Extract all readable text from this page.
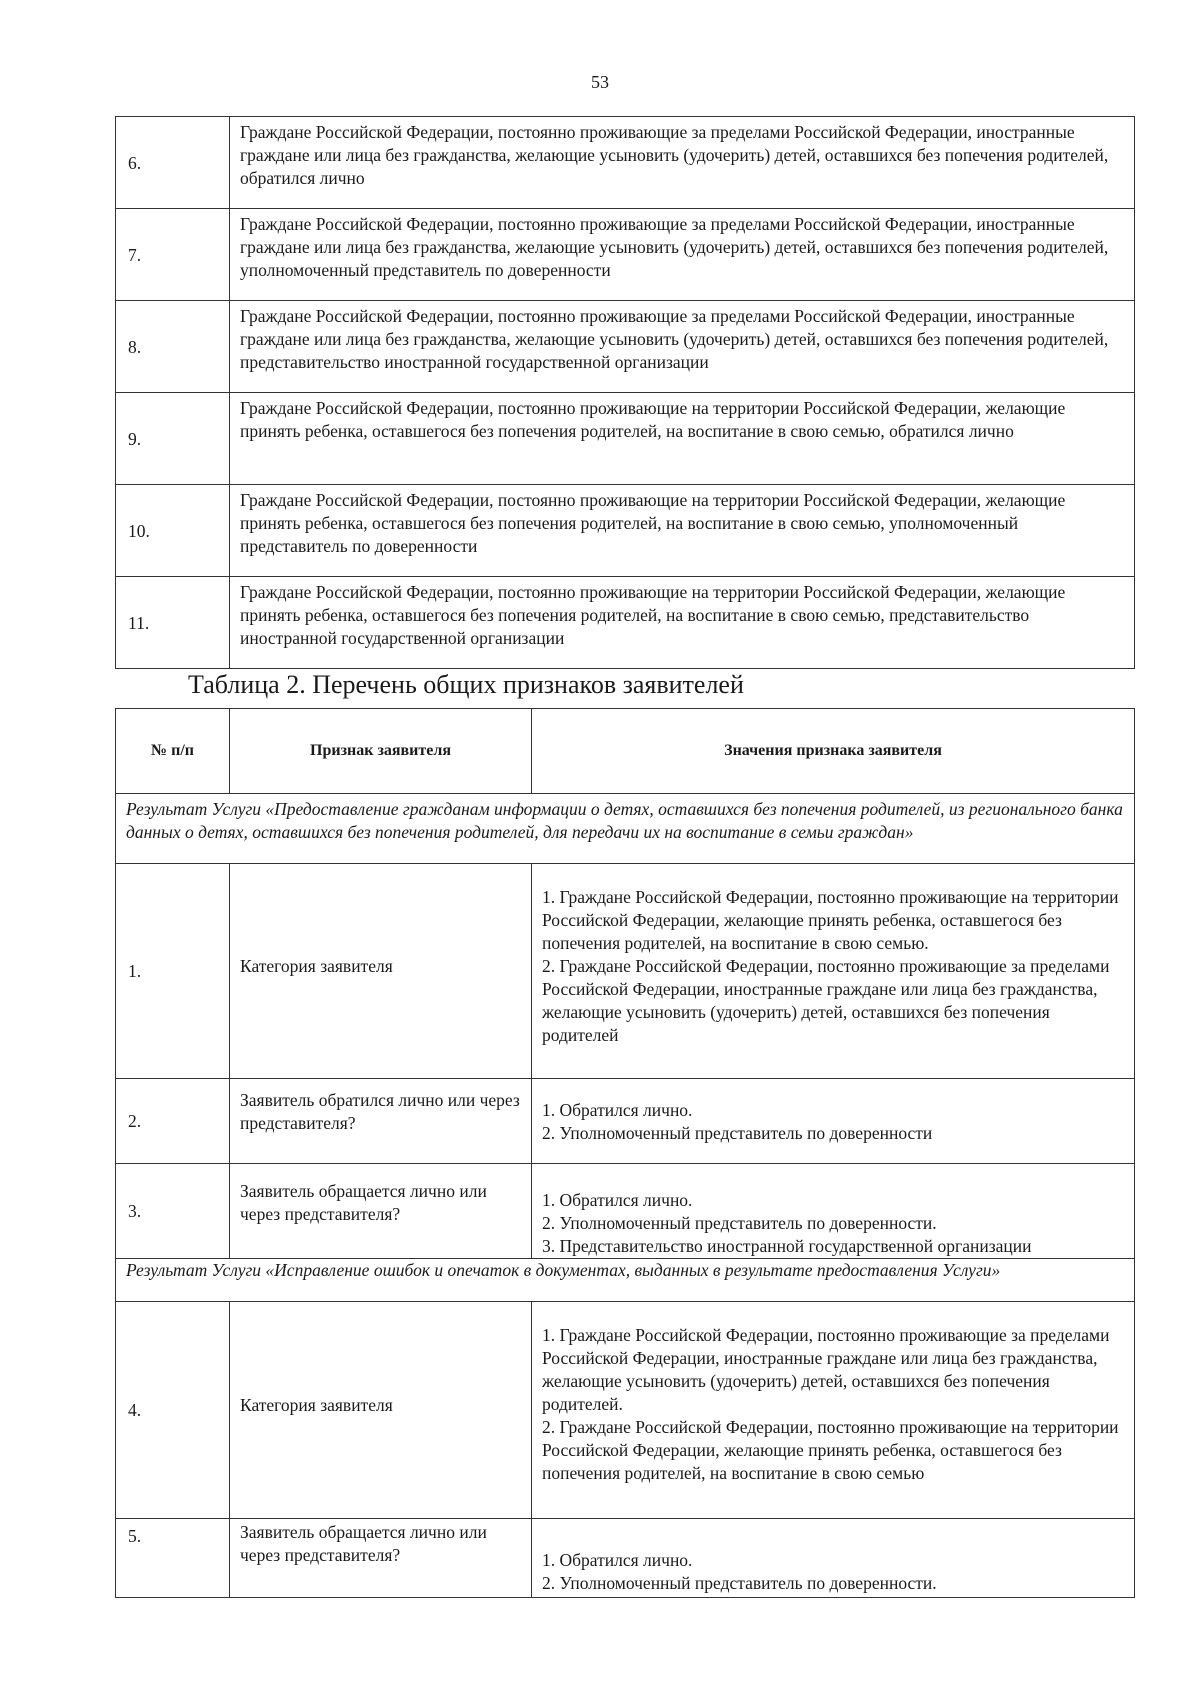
53
6.	Граждане Российской Федерации, постоянно проживающие за пределами Российской Федерации, иностранные граждане или лица без гражданства, желающие усыновить (удочерить) детей, оставшихся без попечения родителей, обратился лично
7.	Граждане Российской Федерации, постоянно проживающие за пределами Российской Федерации, иностранные граждане или лица без гражданства, желающие усыновить (удочерить) детей, оставшихся без попечения родителей, уполномоченный представитель по доверенности
8.	Граждане Российской Федерации, постоянно проживающие за пределами Российской Федерации, иностранные граждане или лица без гражданства, желающие усыновить (удочерить) детей, оставшихся без попечения родителей, представительство иностранной государственной организации
9.	Граждане Российской Федерации, постоянно проживающие на территории Российской Федерации, желающие принять ребенка, оставшегося без попечения родителей, на воспитание в свою семью, обратился лично
10.	Граждане Российской Федерации, постоянно проживающие на территории Российской Федерации, желающие принять ребенка, оставшегося без попечения родителей, на воспитание в свою семью, уполномоченный представитель по доверенности
11.	Граждане Российской Федерации, постоянно проживающие на территории Российской Федерации, желающие принять ребенка, оставшегося без попечения родителей, на воспитание в свою семью, представительство иностранной государственной организации
Таблица 2. Перечень общих признаков заявителей
№ п/п	Признак заявителя	Значения признака заявителя
Результат Услуги «Предоставление гражданам информации о детях, оставшихся без попечения родителей, из регионального банка данных о детях, оставшихся без попечения родителей, для передачи их на воспитание в семьи граждан»		
1.	Категория заявителя	1. Граждане Российской Федерации, постоянно проживающие на территории Российской Федерации, желающие принять ребенка, оставшегося без попечения родителей, на воспитание в свою семью.
2. Граждане Российской Федерации, постоянно проживающие за пределами Российской Федерации, иностранные граждане или лица без гражданства, желающие усыновить (удочерить) детей, оставшихся без попечения родителей

2.	Заявитель обратился лично или через представителя?	1. Обратился лично.
2. Уполномоченный представитель по доверенности

3.	Заявитель обращается лично или через представителя?	1. Обратился лично.
2. Уполномоченный представитель по доверенности.
3. Представительство иностранной государственной организации

Результат Услуги «Исправление ошибок и опечаток в документах, выданных в результате предоставления Услуги»		
4.	Категория заявителя	1. Граждане Российской Федерации, постоянно проживающие за пределами Российской Федерации, иностранные граждане или лица без гражданства, желающие усыновить (удочерить) детей, оставшихся без попечения родителей.
2. Граждане Российской Федерации, постоянно проживающие на территории Российской Федерации, желающие принять ребенка, оставшегося без попечения родителей, на воспитание в свою семью

5.	Заявитель обращается лично или через представителя?	1. Обратился лично.
2. Уполномоченный представитель по доверенности.
